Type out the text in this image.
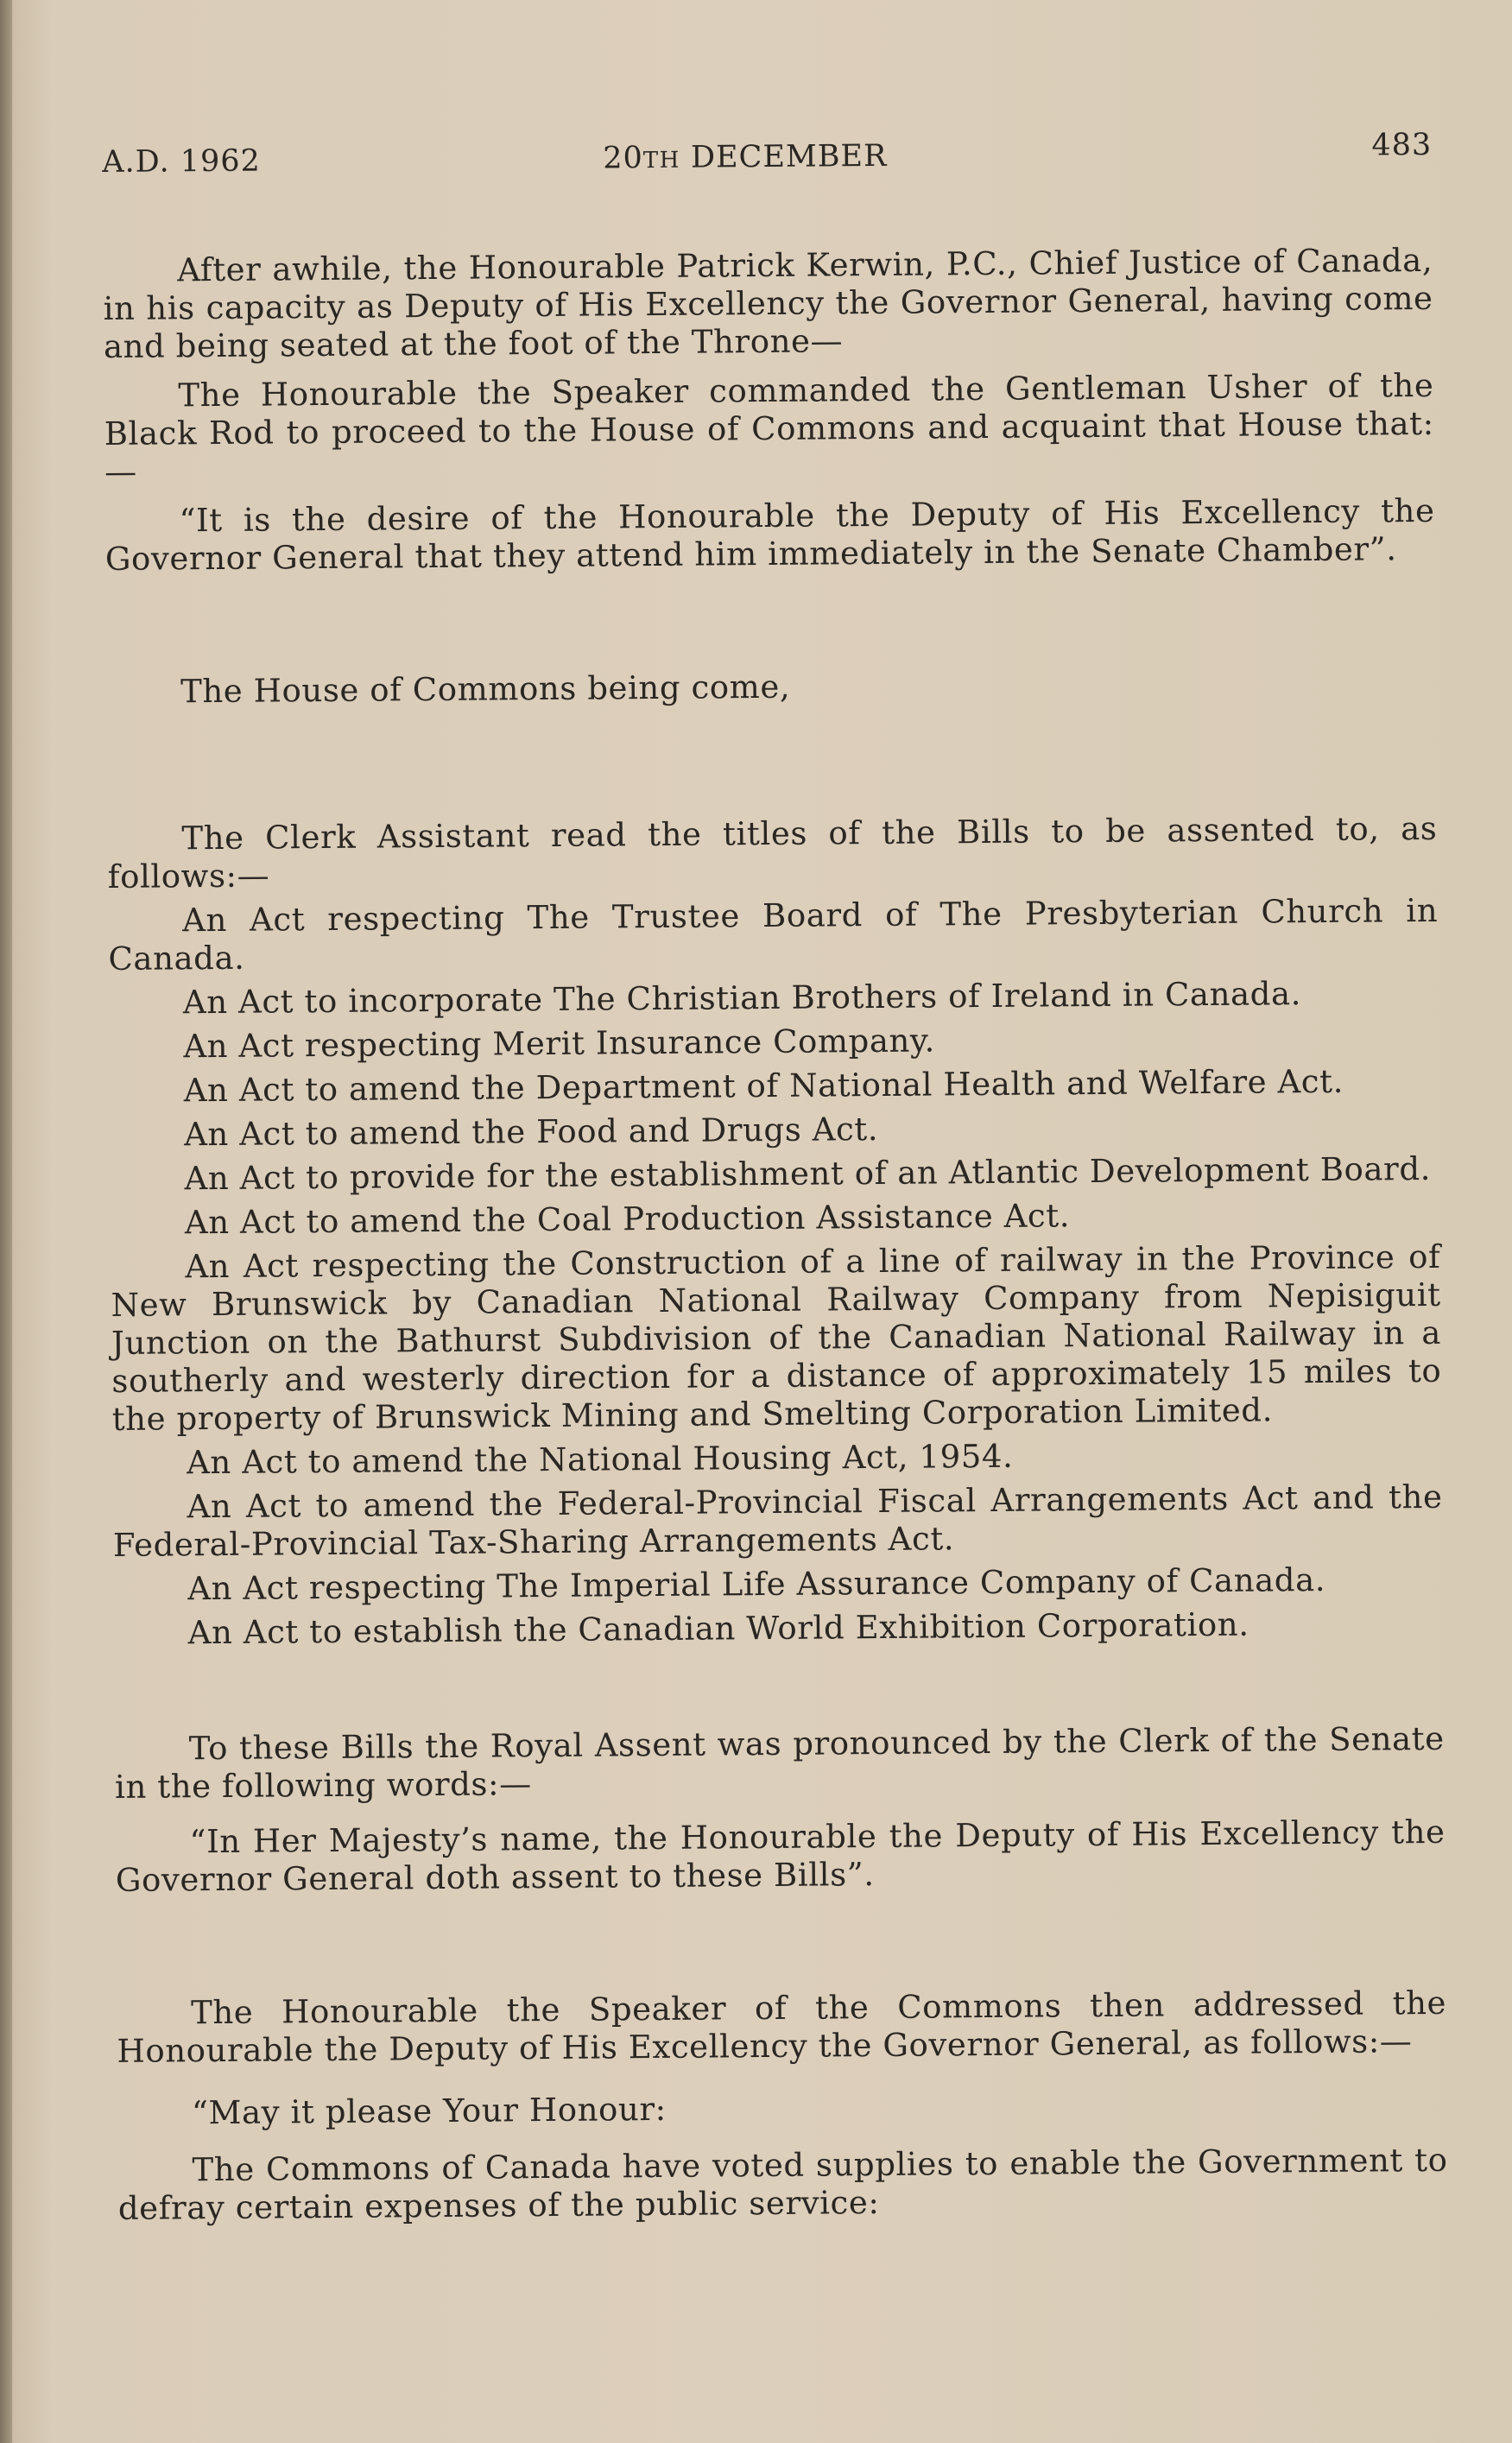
A.D. 1962	20TH DECEMBER	483

After awhile, the Honourable Patrick Kerwin, P.C., Chief Justice of Canada, in his capacity as Deputy of His Excellency the Governor General, having come and being seated at the foot of the Throne—

The Honourable the Speaker commanded the Gentleman Usher of the Black Rod to proceed to the House of Commons and acquaint that House that:—

“It is the desire of the Honourable the Deputy of His Excellency the Governor General that they attend him immediately in the Senate Chamber”.

The House of Commons being come,

The Clerk Assistant read the titles of the Bills to be assented to, as follows:—

An Act respecting The Trustee Board of The Presbyterian Church in Canada.

An Act to incorporate The Christian Brothers of Ireland in Canada.

An Act respecting Merit Insurance Company.

An Act to amend the Department of National Health and Welfare Act.

An Act to amend the Food and Drugs Act.

An Act to provide for the establishment of an Atlantic Development Board.

An Act to amend the Coal Production Assistance Act.

An Act respecting the Construction of a line of railway in the Province of New Brunswick by Canadian National Railway Company from Nepisiguit Junction on the Bathurst Subdivision of the Canadian National Railway in a southerly and westerly direction for a distance of approximately 15 miles to the property of Brunswick Mining and Smelting Corporation Limited.

An Act to amend the National Housing Act, 1954.

An Act to amend the Federal-Provincial Fiscal Arrangements Act and the Federal-Provincial Tax-Sharing Arrangements Act.

An Act respecting The Imperial Life Assurance Company of Canada.

An Act to establish the Canadian World Exhibition Corporation.

To these Bills the Royal Assent was pronounced by the Clerk of the Senate in the following words:—

“In Her Majesty’s name, the Honourable the Deputy of His Excellency the Governor General doth assent to these Bills”.

The Honourable the Speaker of the Commons then addressed the Honourable the Deputy of His Excellency the Governor General, as follows:—

“May it please Your Honour:

The Commons of Canada have voted supplies to enable the Government to defray certain expenses of the public service:
